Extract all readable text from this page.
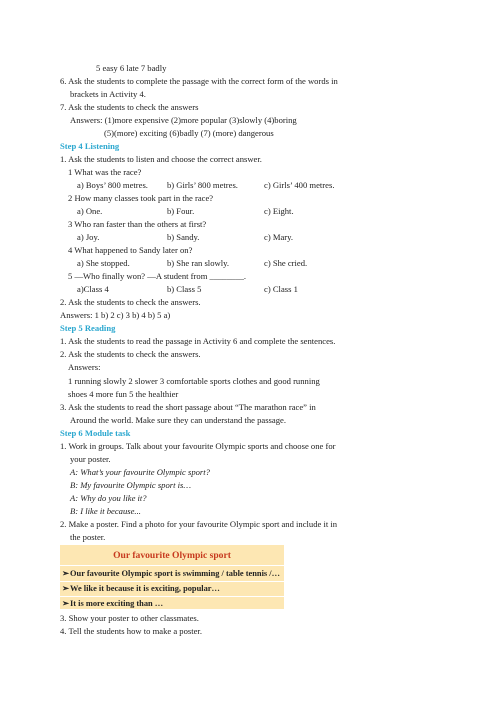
5 easy 6 late 7 badly
6. Ask the students to complete the passage with the correct form of the words in
brackets in Activity 4.
7. Ask the students to check the answers
Answers: (1)more expensive (2)more popular (3)slowly (4)boring
(5)(more) exciting (6)badly (7) (more) dangerous
Step 4 Listening
1. Ask the students to listen and choose the correct answer.
1 What was the race?
a) Boys’ 800 metres. b) Girls’ 800 metres.	c) Girls’ 400 metres.
2 How many classes took part in the race?
a) One.	b) Four.	c) Eight.
3 Who ran faster than the others at first?
a) Joy.	b) Sandy.	c) Mary.
4 What happened to Sandy later on?
a) She stopped.	b) She ran slowly.	c) She cried.
5 —Who finally won? —A student from ________.
a)Class 4	b) Class 5	c) Class 1
2. Ask the students to check the answers.
Answers: 1 b) 2 c) 3 b) 4 b) 5 a)
Step 5 Reading
1. Ask the students to read the passage in Activity 6 and complete the sentences.
2. Ask the students to check the answers.
Answers:
1 running slowly 2 slower 3 comfortable sports clothes and good running
shoes 4 more fun 5 the healthier
3. Ask the students to read the short passage about “The marathon race” in
Around the world. Make sure they can understand the passage.
Step 6 Module task
1. Work in groups. Talk about your favourite Olympic sports and choose one for
your poster.
A: What’s your favourite Olympic sport?
B: My favourite Olympic sport is…
A: Why do you like it?
B: I like it because...
2. Make a poster. Find a photo for your favourite Olympic sport and include it in
the poster.
Our favourite Olympic sport
➢Our favourite Olympic sport is swimming / table tennis /…
➢We like it because it is exciting, popular…
➢It is more exciting than …
3. Show your poster to other classmates.
4. Tell the students how to make a poster.
